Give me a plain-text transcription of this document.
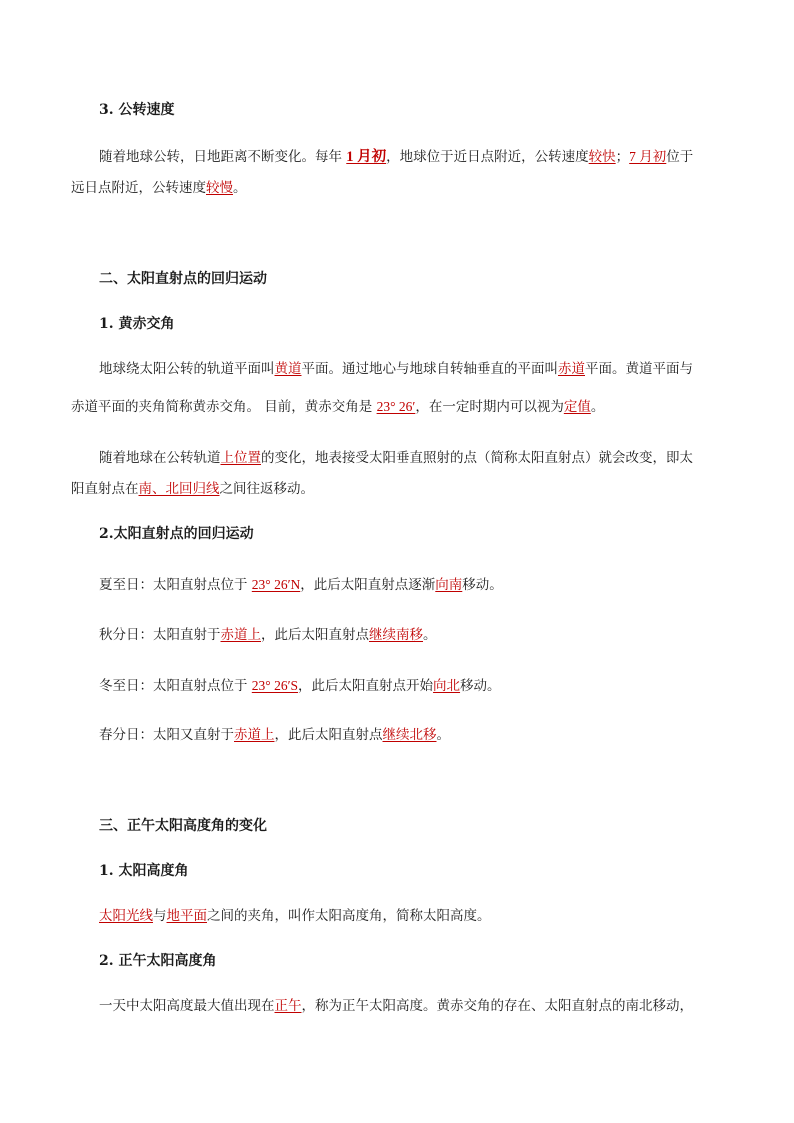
3. 公转速度
随着地球公转，日地距离不断变化。每年 1 月初，地球位于近日点附近，公转速度较快；7 月初位于
远日点附近，公转速度较慢。
二、太阳直射点的回归运动
1. 黄赤交角
地球绕太阳公转的轨道平面叫黄道平面。通过地心与地球自转轴垂直的平面叫赤道平面。黄道平面与
赤道平面的夹角简称黄赤交角。 目前，黄赤交角是 23° 26′，在一定时期内可以视为定值。
随着地球在公转轨道上位置的变化，地表接受太阳垂直照射的点（简称太阳直射点）就会改变，即太
阳直射点在南、北回归线之间往返移动。
2.太阳直射点的回归运动
夏至日：太阳直射点位于 23° 26′N，此后太阳直射点逐渐向南移动。
秋分日：太阳直射于赤道上，此后太阳直射点继续南移。
冬至日：太阳直射点位于 23° 26′S，此后太阳直射点开始向北移动。
春分日：太阳又直射于赤道上，此后太阳直射点继续北移。
三、正午太阳高度角的变化
1. 太阳高度角
太阳光线与地平面之间的夹角，叫作太阳高度角，简称太阳高度。
2. 正午太阳高度角
一天中太阳高度最大值出现在正午，称为正午太阳高度。黄赤交角的存在、太阳直射点的南北移动，
